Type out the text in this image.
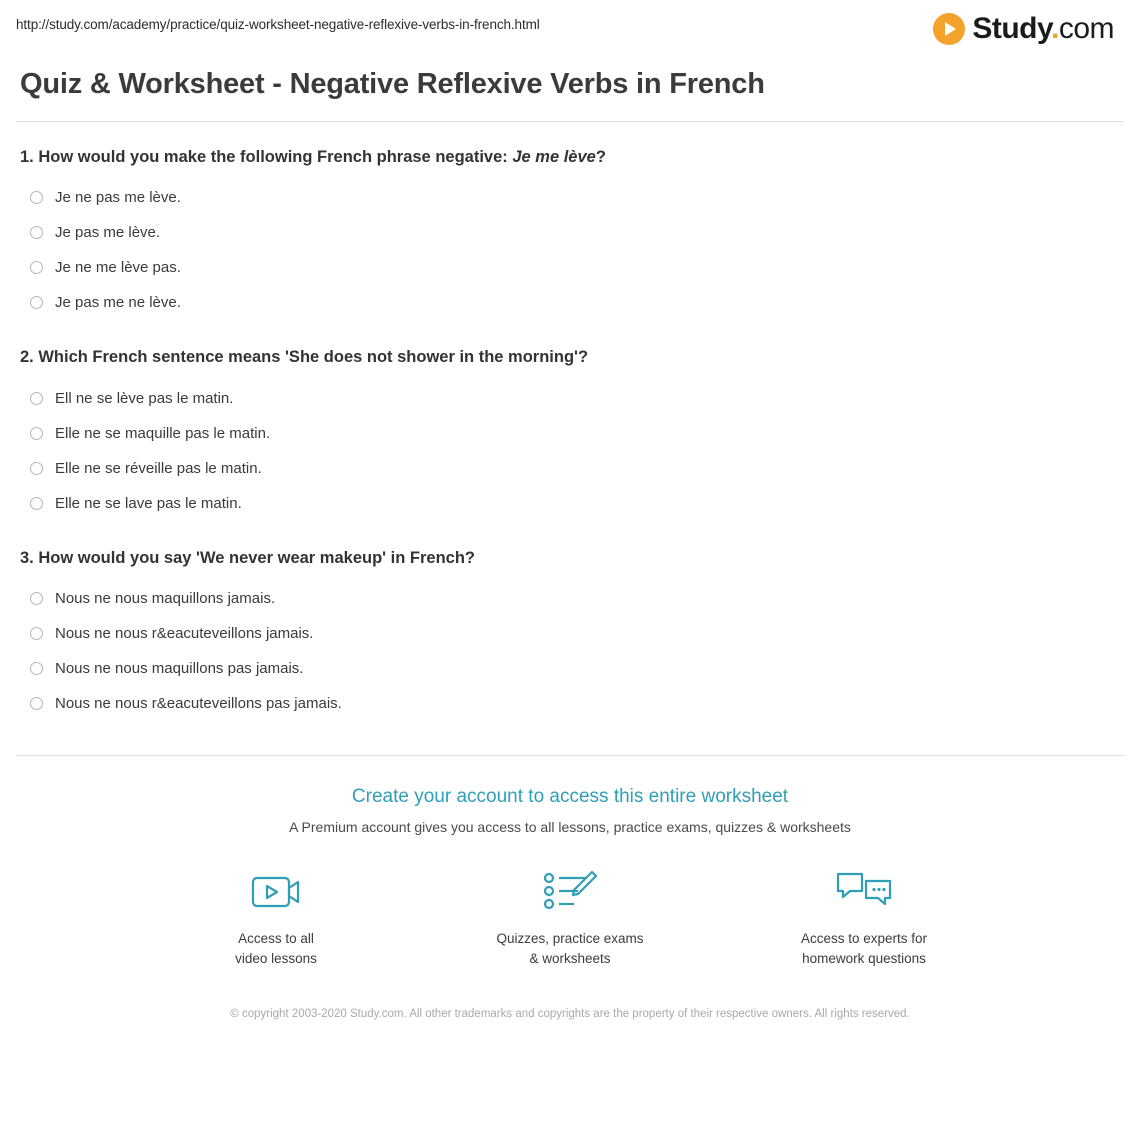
http://study.com/academy/practice/quiz-worksheet-negative-reflexive-verbs-in-french.html	Study.com
Quiz & Worksheet - Negative Reflexive Verbs in French
1. How would you make the following French phrase negative: Je me lève?
Je ne pas me lève.
Je pas me lève.
Je ne me lève pas.
Je pas me ne lève.
2. Which French sentence means 'She does not shower in the morning'?
Ell ne se lève pas le matin.
Elle ne se maquille pas le matin.
Elle ne se réveille pas le matin.
Elle ne se lave pas le matin.
3. How would you say 'We never wear makeup' in French?
Nous ne nous maquillons jamais.
Nous ne nous r&eacuteveillons jamais.
Nous ne nous maquillons pas jamais.
Nous ne nous r&eacuteveillons pas jamais.
Create your account to access this entire worksheet
A Premium account gives you access to all lessons, practice exams, quizzes & worksheets
Access to all
video lessons
Quizzes, practice exams
& worksheets
Access to experts for
homework questions
© copyright 2003-2020 Study.com. All other trademarks and copyrights are the property of their respective owners. All rights reserved.
